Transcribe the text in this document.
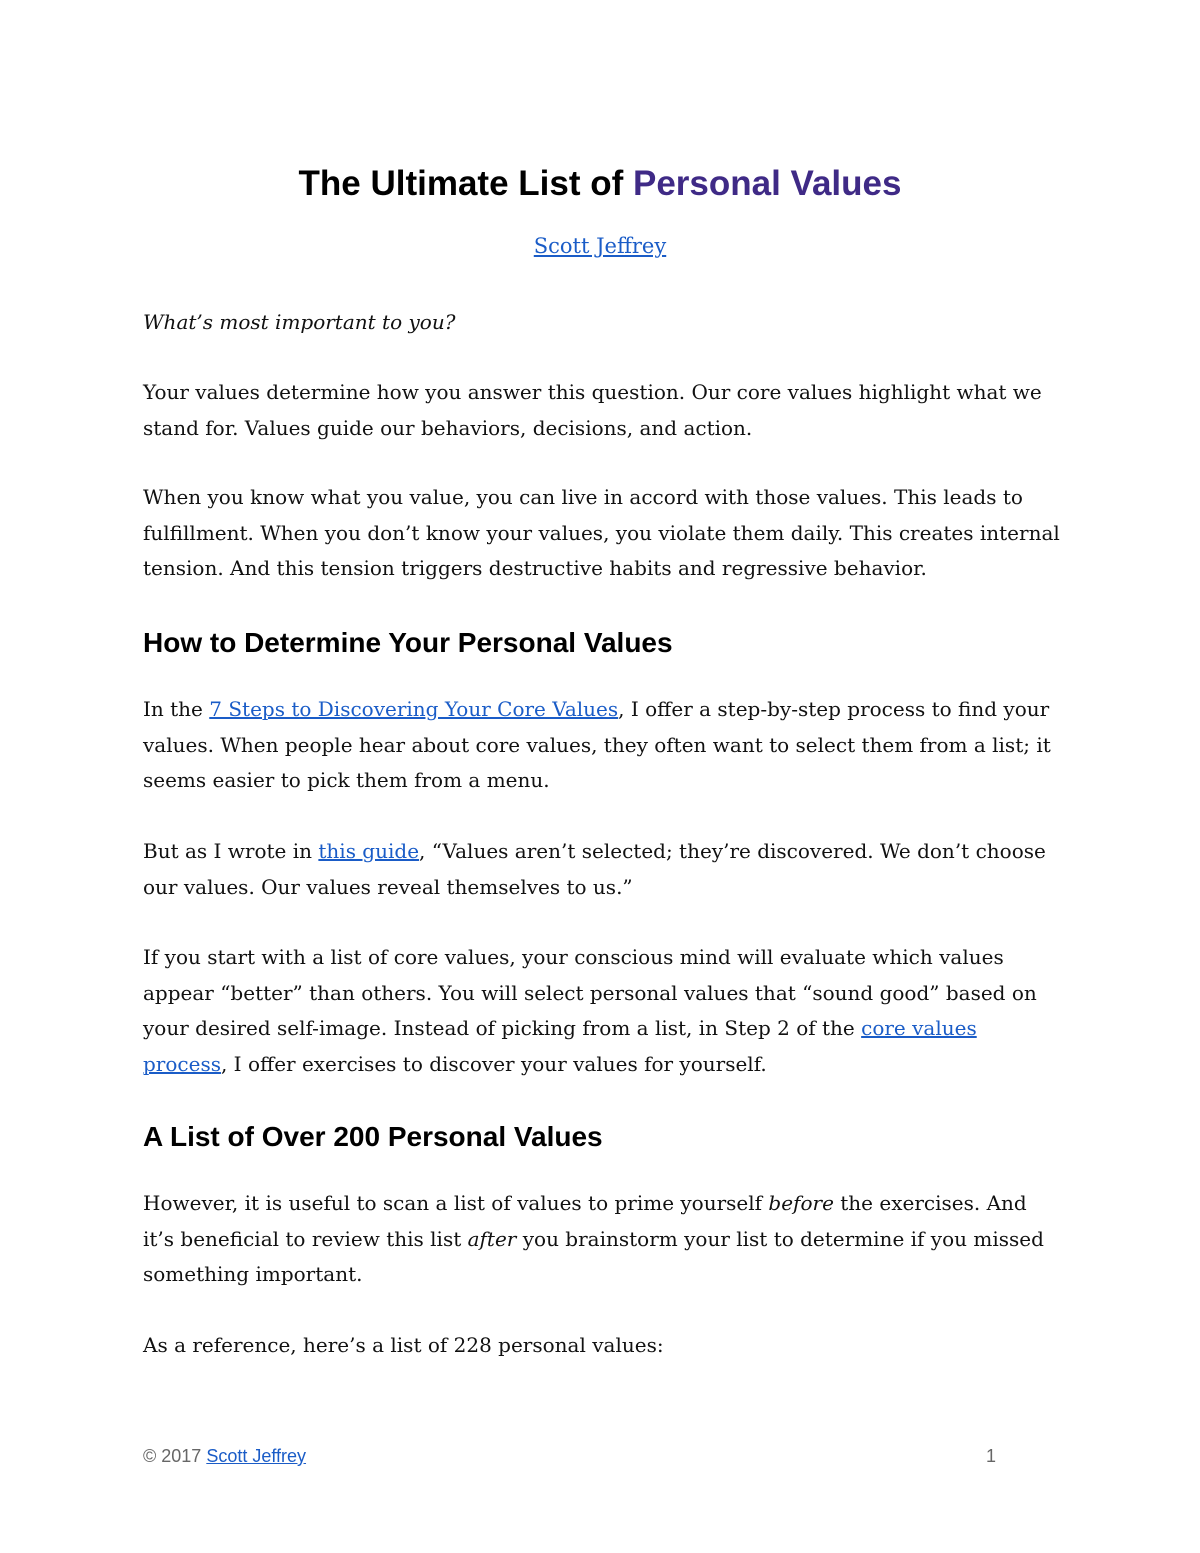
The Ultimate List of Personal Values
Scott Jeffrey

What’s most important to you?

Your values determine how you answer this question. Our core values highlight what we stand for. Values guide our behaviors, decisions, and action.

When you know what you value, you can live in accord with those values. This leads to fulfillment. When you don’t know your values, you violate them daily. This creates internal tension. And this tension triggers destructive habits and regressive behavior.

How to Determine Your Personal Values

In the 7 Steps to Discovering Your Core Values, I offer a step-by-step process to find your values. When people hear about core values, they often want to select them from a list; it seems easier to pick them from a menu.

But as I wrote in this guide, “Values aren’t selected; they’re discovered. We don’t choose our values. Our values reveal themselves to us.”

If you start with a list of core values, your conscious mind will evaluate which values appear “better” than others. You will select personal values that “sound good” based on your desired self-image. Instead of picking from a list, in Step 2 of the core values process, I offer exercises to discover your values for yourself.

A List of Over 200 Personal Values

However, it is useful to scan a list of values to prime yourself before the exercises. And it’s beneficial to review this list after you brainstorm your list to determine if you missed something important.

As a reference, here’s a list of 228 personal values:

© 2017 Scott Jeffrey	1
